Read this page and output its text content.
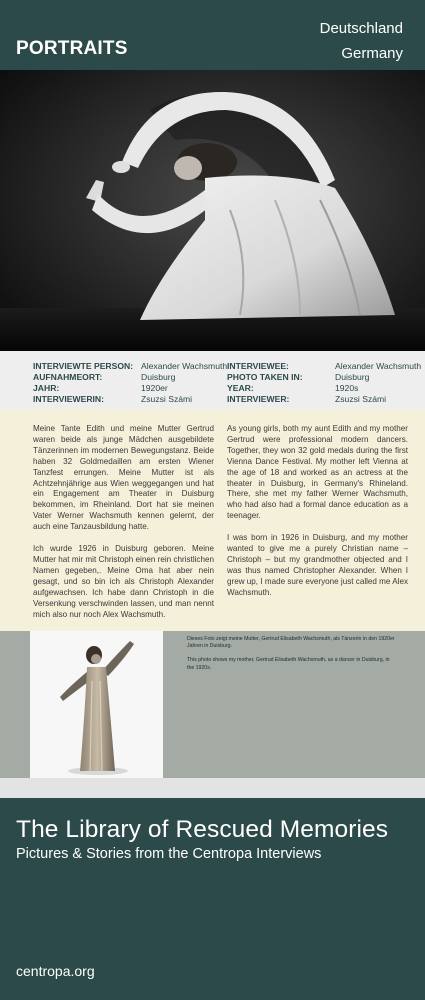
PORTRAITS
Deutschland
Germany
INTERVIEWTE PERSON: Alexander Wachsmuth
AUFNAHMEORT:	Duisburg
JAHR:	1920er
INTERVIEWERIN:	Zsuzsi Számi
INTERVIEWEE:	Alexander Wachsmuth
PHOTO TAKEN IN:	Duisburg
YEAR:	1920s
INTERVIEWER:	Zsuzsi Számi

Meine Tante Edith und meine Mutter Gertrud waren beide als junge Mädchen ausgebildete Tänzerinnen im modernen Bewegungstanz. Beide haben 32 Goldmedaillen am ersten Wiener Tanzfest errungen. Meine Mutter ist als Achtzehnjährige aus Wien weggegangen und hat ein Engagement am Theater in Duisburg bekommen, im Rheinland. Dort hat sie meinen Vater Werner Wachsmuth kennen gelernt, der auch eine Tanzausbildung hatte.

Ich wurde 1926 in Duisburg geboren. Meine Mutter hat mir mit Christoph einen rein christlichen Namen gegeben,. Meine Oma hat aber nein gesagt, und so bin ich als Christoph Alexander aufgewachsen. Ich habe dann Christoph in die Versenkung verschwinden lassen, und man nennt mich also nur noch Alex Wachsmuth.

As young girls, both my aunt Edith and my mother Gertrud were professional modern dancers. Together, they won 32 gold medals during the first Vienna Dance Festival. My mother left Vienna at the age of 18 and worked as an actress at the theater in Duisburg, in Germany's Rhineland. There, she met my father Werner Wachsmuth, who had also had a formal dance education as a teenager.

I was born in 1926 in Duisburg, and my mother wanted to give me a purely Christian name – Christoph – but my grandmother objected and I was thus named Christopher Alexander. When I grew up, I made sure everyone just called me Alex Wachsmuth.

Dieses Foto zeigt meine Mutter, Gertrud Elisabeth Wachsmuth, als Tänzerin in den 1920er Jahren in Duisburg.

This photo shows my mother, Gertrud Elisabeth Wachsmuth, as a dancer in Duisburg, in the 1920s.

The Library of Rescued Memories
Pictures & Stories from the Centropa Interviews
centropa.org
